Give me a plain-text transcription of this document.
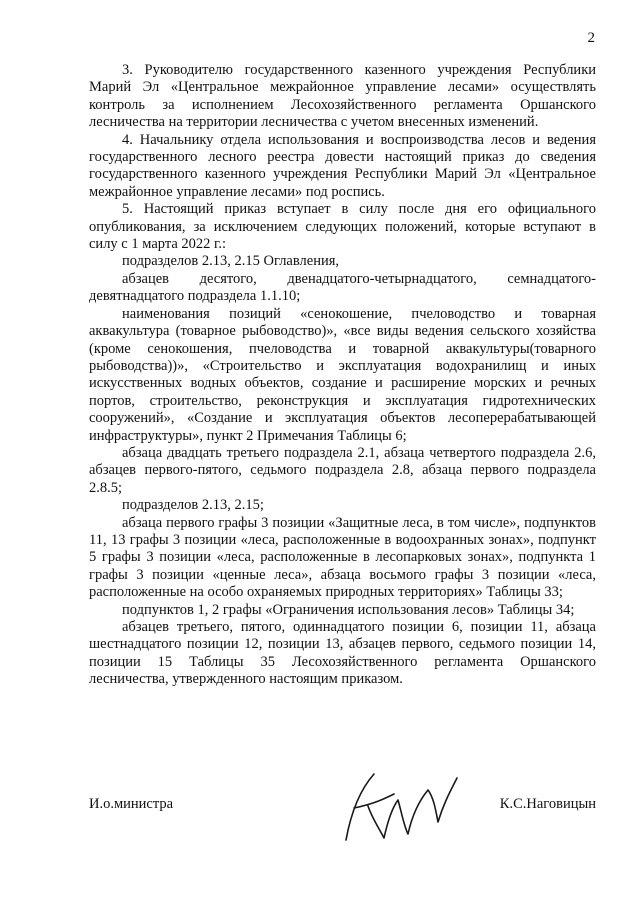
2

3. Руководителю государственного казенного учреждения Республики Марий Эл «Центральное межрайонное управление лесами» осуществлять контроль за исполнением Лесохозяйственного регламента Оршанского лесничества на территории лесничества с учетом внесенных изменений.

4. Начальнику отдела использования и воспроизводства лесов и ведения государственного лесного реестра довести настоящий приказ до сведения государственного казенного учреждения Республики Марий Эл «Центральное межрайонное управление лесами» под роспись.

5. Настоящий приказ вступает в силу после дня его официального опубликования, за исключением следующих положений, которые вступают в силу с 1 марта 2022 г.:

подразделов 2.13, 2.15 Оглавления,

абзацев десятого, двенадцатого-четырнадцатого, семнадцатого-девятнадцатого подраздела 1.1.10;

наименования позиций «сенокошение, пчеловодство и товарная аквакультура (товарное рыбоводство)», «все виды ведения сельского хозяйства (кроме сенокошения, пчеловодства и товарной аквакультуры(товарного рыбоводства))», «Строительство и эксплуатация водохранилищ и иных искусственных водных объектов, создание и расширение морских и речных портов, строительство, реконструкция и эксплуатация гидротехнических сооружений», «Создание и эксплуатация объектов лесоперерабатывающей инфраструктуры», пункт 2 Примечания Таблицы 6;

абзаца двадцать третьего подраздела 2.1, абзаца четвертого подраздела 2.6, абзацев первого-пятого, седьмого подраздела 2.8, абзаца первого подраздела 2.8.5;

подразделов 2.13, 2.15;

абзаца первого графы 3 позиции «Защитные леса, в том числе», подпунктов 11, 13 графы 3 позиции «леса, расположенные в водоохранных зонах», подпункт 5 графы 3 позиции «леса, расположенные в лесопарковых зонах», подпункта 1 графы 3 позиции «ценные леса», абзаца восьмого графы 3 позиции «леса, расположенные на особо охраняемых природных территориях» Таблицы 33;

подпунктов 1, 2 графы «Ограничения использования лесов» Таблицы 34;

абзацев третьего, пятого, одиннадцатого позиции 6, позиции 11, абзаца шестнадцатого позиции 12, позиции 13, абзацев первого, седьмого позиции 14, позиции 15 Таблицы 35 Лесохозяйственного регламента Оршанского лесничества, утвержденного настоящим приказом.

И.о.министра	К.С.Наговицын
